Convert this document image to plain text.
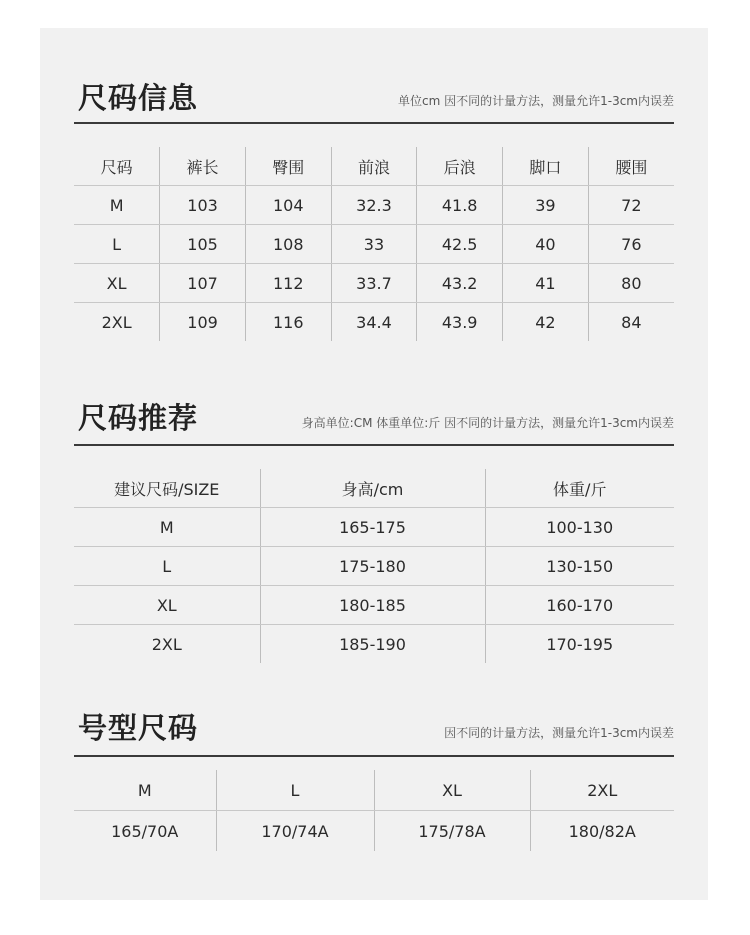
尺码信息	单位cm 因不同的计量方法，测量允许1-3cm内误差
尺码	裤长	臀围	前浪	后浪	脚口	腰围
M	103	104	32.3	41.8	39	72
L	105	108	33	42.5	40	76
XL	107	112	33.7	43.2	41	80
2XL	109	116	34.4	43.9	42	84
尺码推荐	身高单位:CM 体重单位:斤 因不同的计量方法，测量允许1-3cm内误差
建议尺码/SIZE	身高/cm	体重/斤
M	165-175	100-130
L	175-180	130-150
XL	180-185	160-170
2XL	185-190	170-195
号型尺码	因不同的计量方法，测量允许1-3cm内误差
M	L	XL	2XL
165/70A	170/74A	175/78A	180/82A
